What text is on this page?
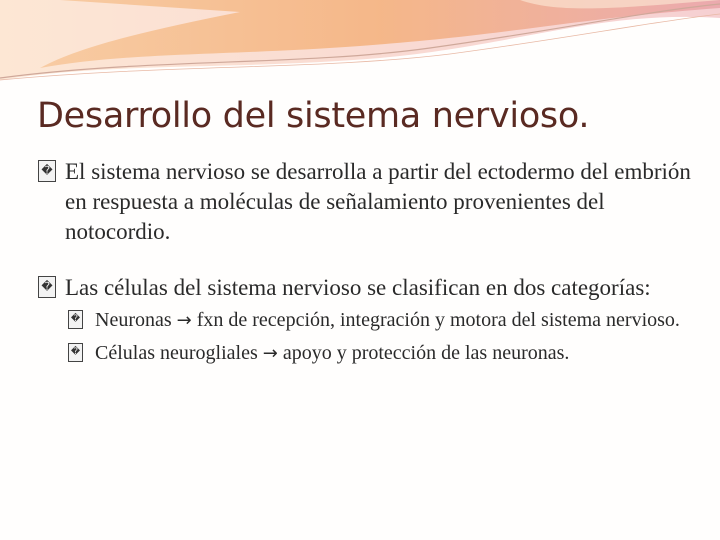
Desarrollo del sistema nervioso.
� El sistema nervioso se desarrolla a partir del ectodermo del embrión en respuesta a moléculas de señalamiento provenientes del notocordio.
� Las células del sistema nervioso se clasifican en dos categorías:
� Neuronas → fxn de recepción, integración y motora del sistema nervioso.
� Células neurogliales → apoyo y protección de las neuronas.
